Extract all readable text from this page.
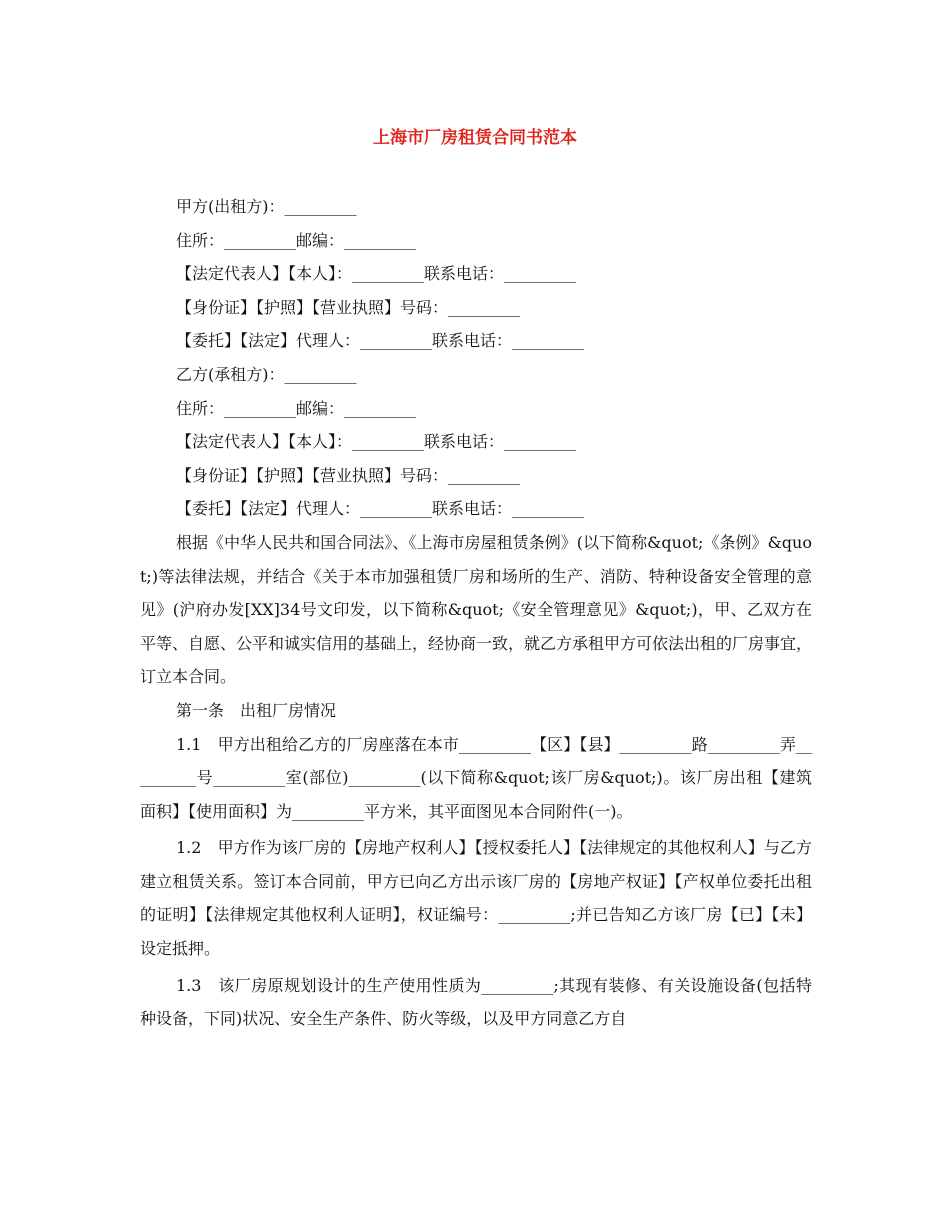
上海市厂房租赁合同书范本
甲方(出租方)：_________
住所：_________邮编：_________
【法定代表人】【本人】：_________联系电话：_________
【身份证】【护照】【营业执照】号码：_________
【委托】【法定】代理人：_________联系电话：_________
乙方(承租方)：_________
住所：_________邮编：_________
【法定代表人】【本人】：_________联系电话：_________
【身份证】【护照】【营业执照】号码：_________
【委托】【法定】代理人：_________联系电话：_________

根据《中华人民共和国合同法》、《上海市房屋租赁条例》(以下简称&quot;《条例》&quot;)等法律法规，并结合《关于本市加强租赁厂房和场所的生产、消防、特种设备安全管理的意见》(沪府办发[XX]34号文印发，以下简称&quot;《安全管理意见》&quot;)，甲、乙双方在平等、自愿、公平和诚实信用的基础上，经协商一致，就乙方承租甲方可依法出租的厂房事宜，订立本合同。

第一条　出租厂房情况

1.1　甲方出租给乙方的厂房座落在本市_________【区】【县】_________路_________弄_________号_________室(部位)_________(以下简称&quot;该厂房&quot;)。该厂房出租【建筑面积】【使用面积】为_________平方米，其平面图见本合同附件(一)。

1.2　甲方作为该厂房的【房地产权利人】【授权委托人】【法律规定的其他权利人】与乙方建立租赁关系。签订本合同前，甲方已向乙方出示该厂房的【房地产权证】【产权单位委托出租的证明】【法律规定其他权利人证明】，权证编号：_________;并已告知乙方该厂房【已】【未】设定抵押。

1.3　该厂房原规划设计的生产使用性质为_________;其现有装修、有关设施设备(包括特种设备，下同)状况、安全生产条件、防火等级，以及甲方同意乙方自
